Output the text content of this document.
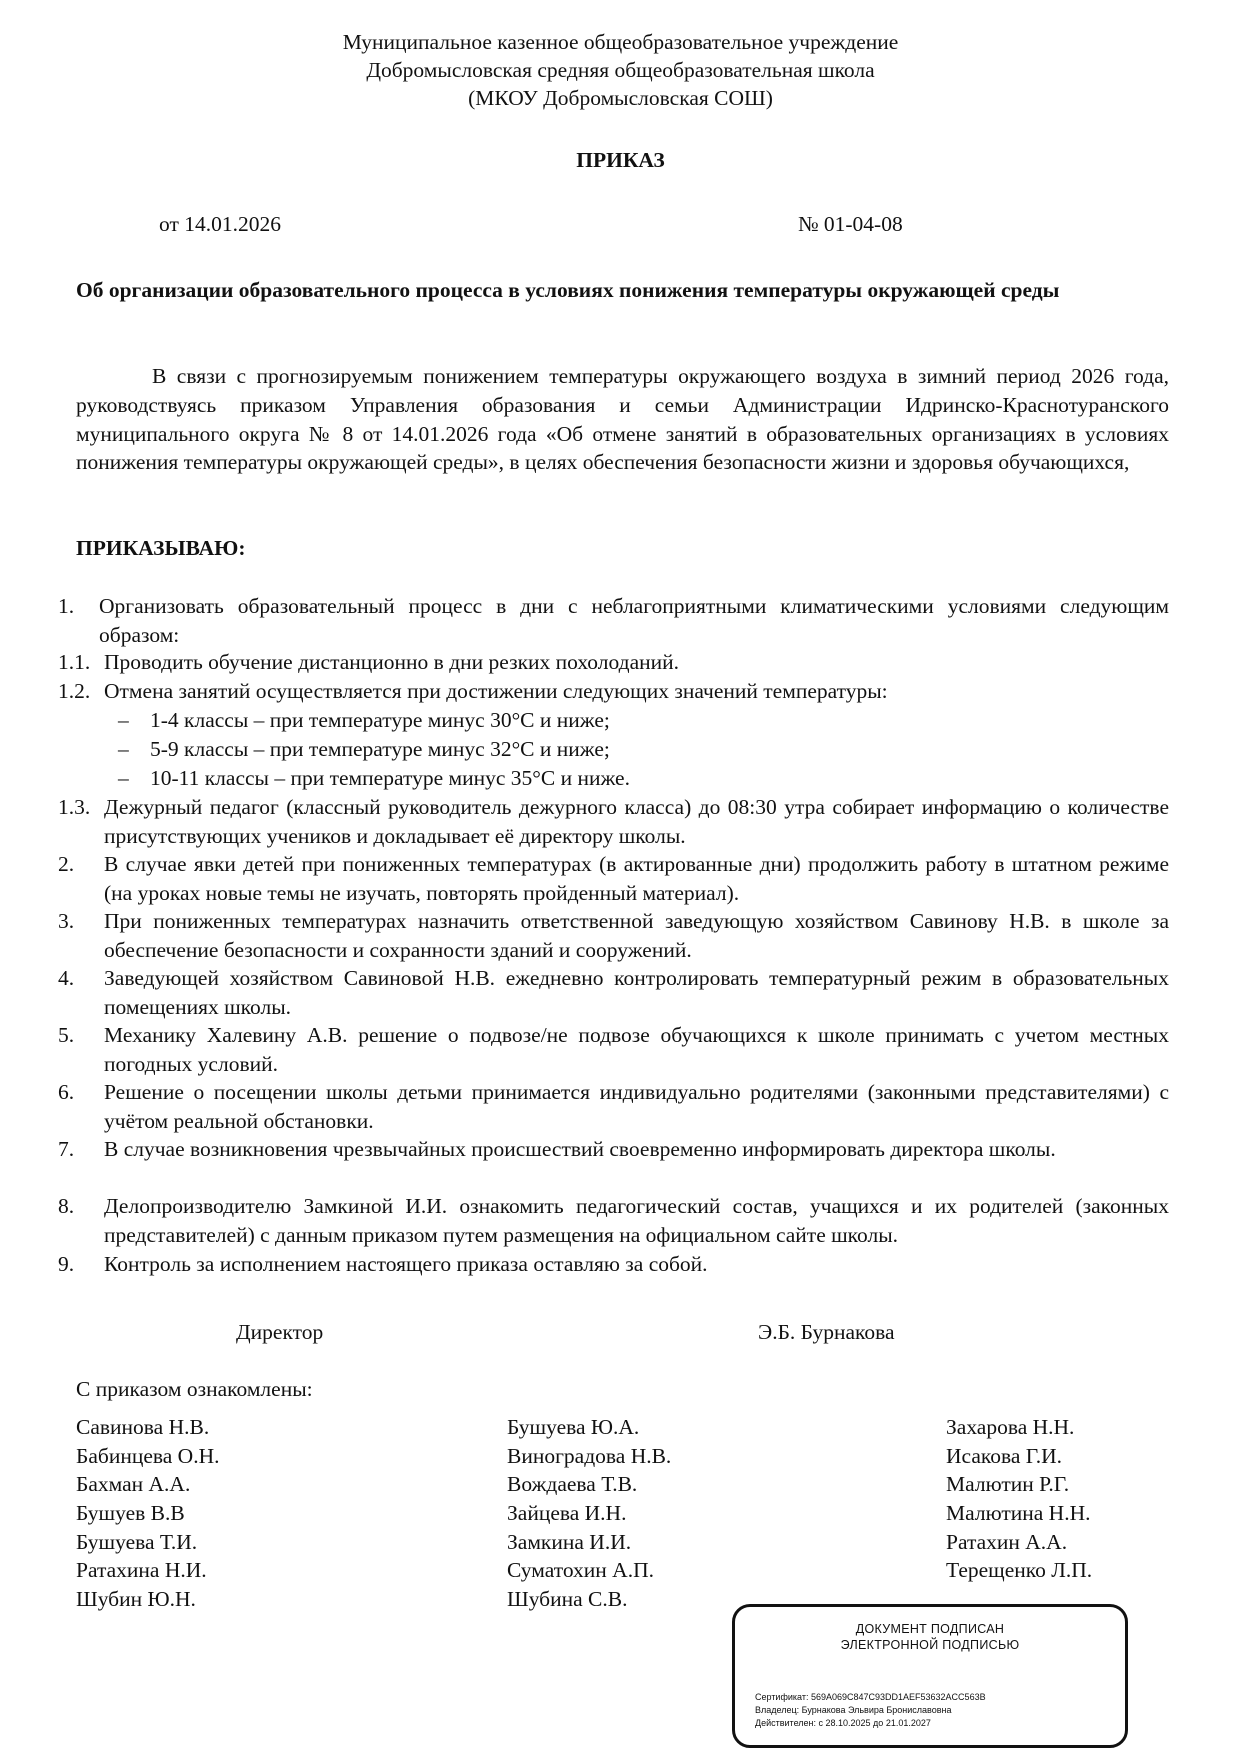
Муниципальное казенное общеобразовательное учреждение
Добромысловская средняя общеобразовательная школа
(МКОУ Добромысловская СОШ)
ПРИКАЗ
от 14.01.2026	№ 01-04-08
Об организации образовательного процесса в условиях понижения температуры окружающей среды
В связи с прогнозируемым понижением температуры окружающего воздуха в зимний период 2026 года, руководствуясь приказом Управления образования и семьи Администрации Идринско-Краснотуранского муниципального округа № 8 от 14.01.2026 года «Об отмене занятий в образовательных организациях в условиях понижения температуры окружающей среды», в целях обеспечения безопасности жизни и здоровья обучающихся,
ПРИКАЗЫВАЮ:
1. Организовать образовательный процесс в дни с неблагоприятными климатическими условиями следующим образом:
1.1. Проводить обучение дистанционно в дни резких похолоданий.
1.2. Отмена занятий осуществляется при достижении следующих значений температуры:
– 1-4 классы – при температуре минус 30°С и ниже;
– 5-9 классы – при температуре минус 32°С и ниже;
– 10-11 классы – при температуре минус 35°С и ниже.
1.3. Дежурный педагог (классный руководитель дежурного класса) до 08:30 утра собирает информацию о количестве присутствующих учеников и докладывает её директору школы.
2. В случае явки детей при пониженных температурах (в актированные дни) продолжить работу в штатном режиме (на уроках новые темы не изучать, повторять пройденный материал).
3. При пониженных температурах назначить ответственной заведующую хозяйством Савинову Н.В. в школе за обеспечение безопасности и сохранности зданий и сооружений.
4. Заведующей хозяйством Савиновой Н.В. ежедневно контролировать температурный режим в образовательных помещениях школы.
5. Механику Халевину А.В. решение о подвозе/не подвозе обучающихся к школе принимать с учетом местных погодных условий.
6. Решение о посещении школы детьми принимается индивидуально родителями (законными представителями) с учётом реальной обстановки.
7. В случае возникновения чрезвычайных происшествий своевременно информировать директора школы.
8. Делопроизводителю Замкиной И.И. ознакомить педагогический состав, учащихся и их родителей (законных представителей) с данным приказом путем размещения на официальном сайте школы.
9. Контроль за исполнением настоящего приказа оставляю за собой.
Директор	Э.Б. Бурнакова
С приказом ознакомлены:
Савинова Н.В.
Бабинцева О.Н.
Бахман А.А.
Бушуев В.В
Бушуева Т.И.
Ратахина Н.И.
Шубин Ю.Н.
Бушуева Ю.А.
Виноградова Н.В.
Вождаева Т.В.
Зайцева И.Н.
Замкина И.И.
Суматохин А.П.
Шубина С.В.
Захарова Н.Н.
Исакова Г.И.
Малютин Р.Г.
Малютина Н.Н.
Ратахин А.А.
Терещенко Л.П.
ДОКУМЕНТ ПОДПИСАН
ЭЛЕКТРОННОЙ ПОДПИСЬЮ
Сертификат: 569A069C847C93DD1AEF53632ACC563B
Владелец: Бурнакова Эльвира Брониславовна
Действителен: с 28.10.2025 до 21.01.2027
